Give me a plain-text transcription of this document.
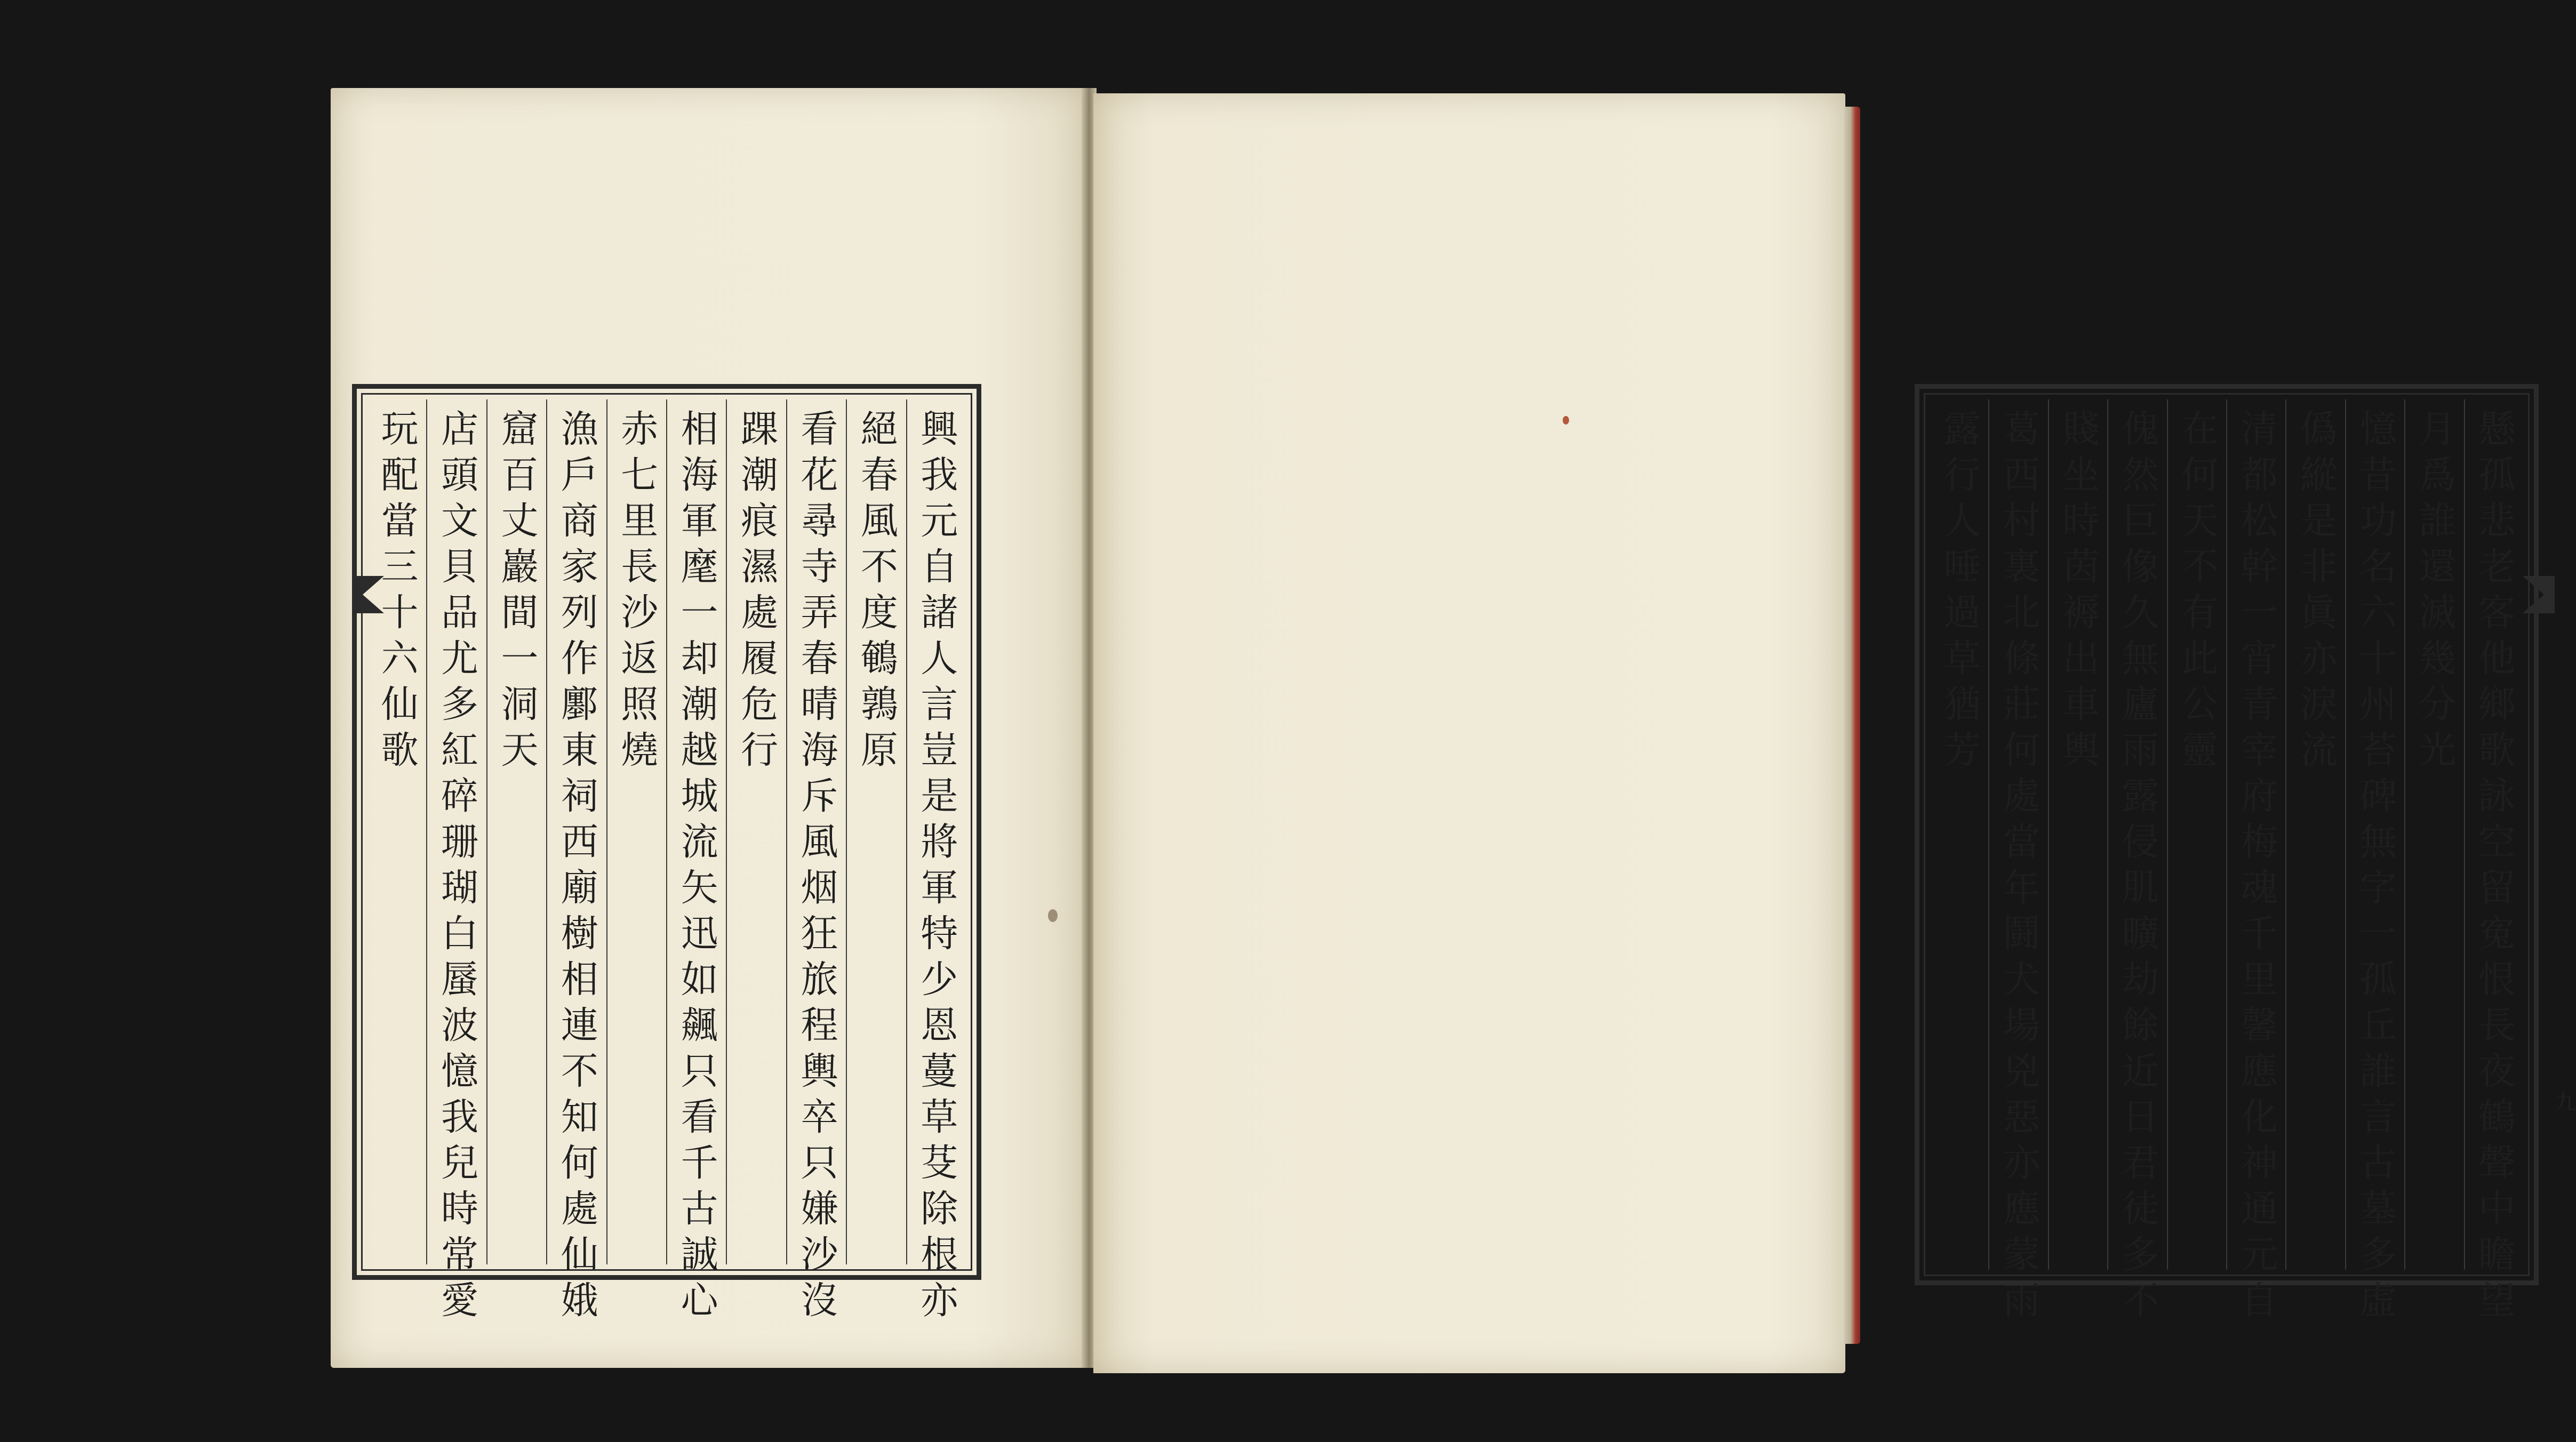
興我元自諸人言豈是將軍特少恩蔓草芟除根亦
絕春風不度鵪鶉原
看花尋寺弄春晴海斥風烟狂旅程輿卒只嫌沙沒
踝潮痕濕處履危行
相海軍麾一却潮越城流矢迅如飆只看千古誠心
赤七里長沙返照燒
漁戶商家列作鄽東祠西廟樹相連不知何處仙娥
窟百丈巖間一洞天
店頭文貝品尤多紅碎珊瑚白蜃波憶我兒時常愛
玩配當三十六仙歌	懸孤悲老客他鄉歌詠空留寃恨長夜鶴聲中瞻望
月爲誰還滅幾分光
憶昔功名六十州苔碑無字一孤丘誰言古墓多虛
僞縱是非眞亦淚流
清都松幹一宵青宰府梅魂千里馨應化神通元自
在何天不有此公靈
傀然巨像久無廬雨露侵肌曠劫餘近日君徒多不
賤坐時茵褥出車輿
葛西村裏北條莊何處當年鬪犬場兇惡亦應蒙雨
露行人唾過草猶芳
九
